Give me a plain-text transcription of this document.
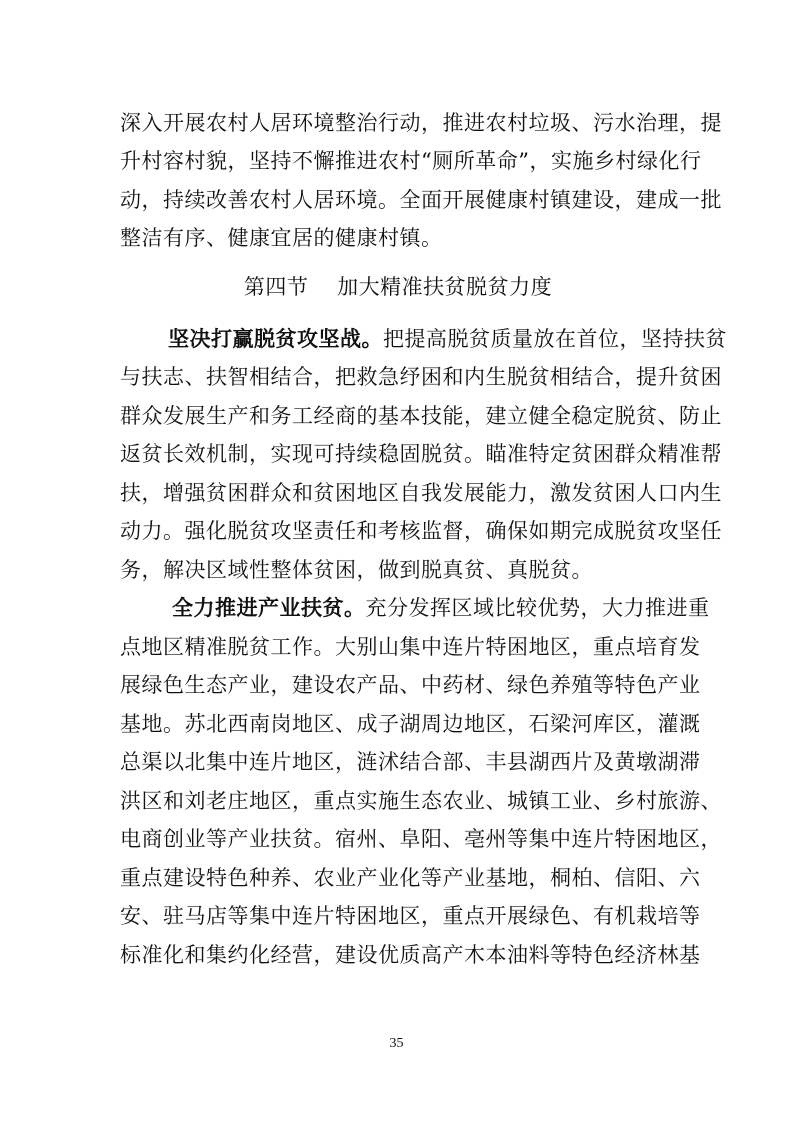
深入开展农村人居环境整治行动，推进农村垃圾、污水治理，提
升村容村貌，坚持不懈推进农村“厕所革命”，实施乡村绿化行
动，持续改善农村人居环境。全面开展健康村镇建设，建成一批
整洁有序、健康宜居的健康村镇。
第四节    加大精准扶贫脱贫力度
坚决打赢脱贫攻坚战。把提高脱贫质量放在首位，坚持扶贫
与扶志、扶智相结合，把救急纾困和内生脱贫相结合，提升贫困
群众发展生产和务工经商的基本技能，建立健全稳定脱贫、防止
返贫长效机制，实现可持续稳固脱贫。瞄准特定贫困群众精准帮
扶，增强贫困群众和贫困地区自我发展能力，激发贫困人口内生
动力。强化脱贫攻坚责任和考核监督，确保如期完成脱贫攻坚任
务，解决区域性整体贫困，做到脱真贫、真脱贫。
全力推进产业扶贫。充分发挥区域比较优势，大力推进重
点地区精准脱贫工作。大别山集中连片特困地区，重点培育发
展绿色生态产业，建设农产品、中药材、绿色养殖等特色产业
基地。苏北西南岗地区、成子湖周边地区，石梁河库区，灌溉
总渠以北集中连片地区，涟沭结合部、丰县湖西片及黄墩湖滞
洪区和刘老庄地区，重点实施生态农业、城镇工业、乡村旅游、
电商创业等产业扶贫。宿州、阜阳、亳州等集中连片特困地区，
重点建设特色种养、农业产业化等产业基地，桐柏、信阳、六
安、驻马店等集中连片特困地区，重点开展绿色、有机栽培等
标准化和集约化经营，建设优质高产木本油料等特色经济林基
35
